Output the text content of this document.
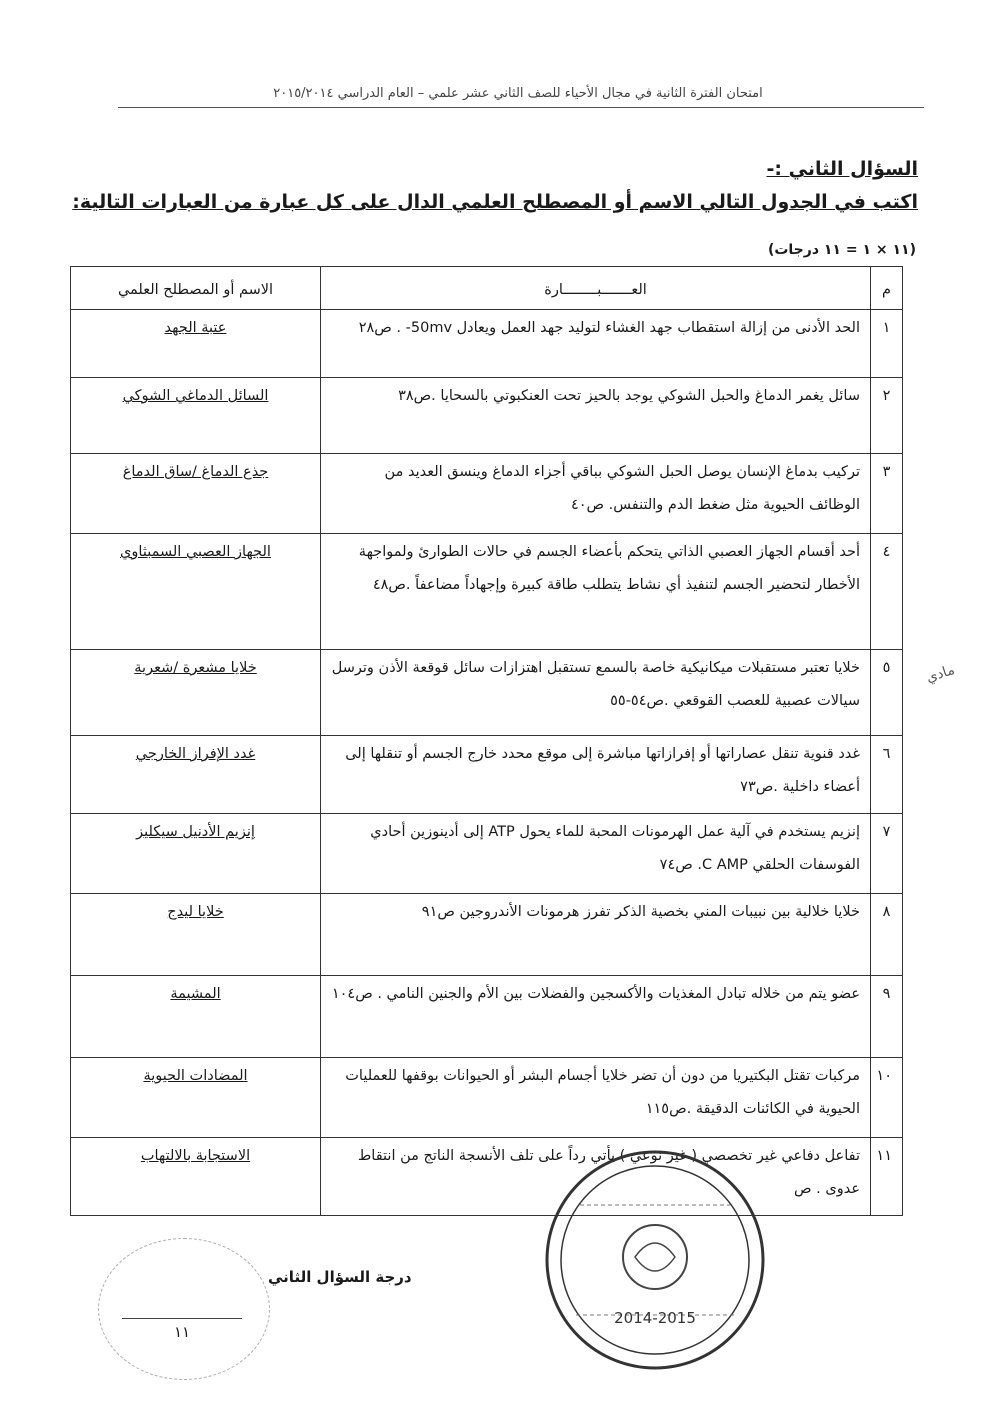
امتحان الفترة الثانية في مجال الأحياء للصف الثاني عشر علمي – العام الدراسي ٢٠١٥/٢٠١٤
السؤال الثاني :-
اكتب في الجدول التالي الاسم أو المصطلح العلمي الدال على كل عبارة من العبارات التالية:
(١١ × ١ = ١١ درجات)
م	العـــــــبــــــــارة	الاسم أو المصطلح العلمي
١	الحد الأدنى من إزالة استقطاب جهد الغشاء لتوليد جهد العمل ويعادل ‎-50mv‏ . ص٢٨	عتبة الجهد
٢	سائل يغمر الدماغ والحبل الشوكي يوجد بالحيز تحت العنكبوتي بالسحايا .ص٣٨	السائل الدماغي الشوكي
٣	تركيب بدماغ الإنسان يوصل الحبل الشوكي بباقي أجزاء الدماغ وينسق العديد من الوظائف الحيوية مثل ضغط الدم والتنفس. ص٤٠	جذع الدماغ /ساق الدماغ
٤	أحد أقسام الجهاز العصبي الذاتي يتحكم بأعضاء الجسم في حالات الطوارئ ولمواجهة الأخطار لتحضير الجسم لتنفيذ أي نشاط يتطلب طاقة كبيرة وإجهاداً مضاعفاً .ص٤٨	الجهاز العصبي السمبثاوي
٥	خلايا تعتبر مستقبلات ميكانيكية خاصة بالسمع تستقبل اهتزازات سائل قوقعة الأذن وترسل سيالات عصبية للعصب القوقعي .ص٥٤-٥٥	خلايا مشعرة /شعرية
٦	غدد قنوية تنقل عصاراتها أو إفرازاتها مباشرة إلى موقع محدد خارج الجسم أو تنقلها إلى أعضاء داخلية .ص٧٣	غدد الإفراز الخارجي
٧	إنزيم يستخدم في آلية عمل الهرمونات المحبة للماء يحول ATP إلى أدينوزين أحادي الفوسفات الحلقي C AMP. ص٧٤	إنزيم الأدنيل سيكليز
٨	خلايا خلالية بين نبيبات المني بخصية الذكر تفرز هرمونات الأندروجين ص٩١	خلايا ليدج
٩	عضو يتم من خلاله تبادل المغذيات والأكسجين والفضلات بين الأم والجنين النامي . ص١٠٤	المشيمة
١٠	مركبات تقتل البكتيريا من دون أن تضر خلايا أجسام البشر أو الحيوانات بوقفها للعمليات الحيوية في الكائنات الدقيقة .ص١١٥	المضادات الحيوية
١١	تفاعل دفاعي غير تخصصي ( غير نوعي ) يأتي رداً على تلف الأنسجة الناتج من انتقاط عدوى . ص	الاستجابة بالالتهاب
مادي
درجة السؤال الثاني
١١
2014-2015
